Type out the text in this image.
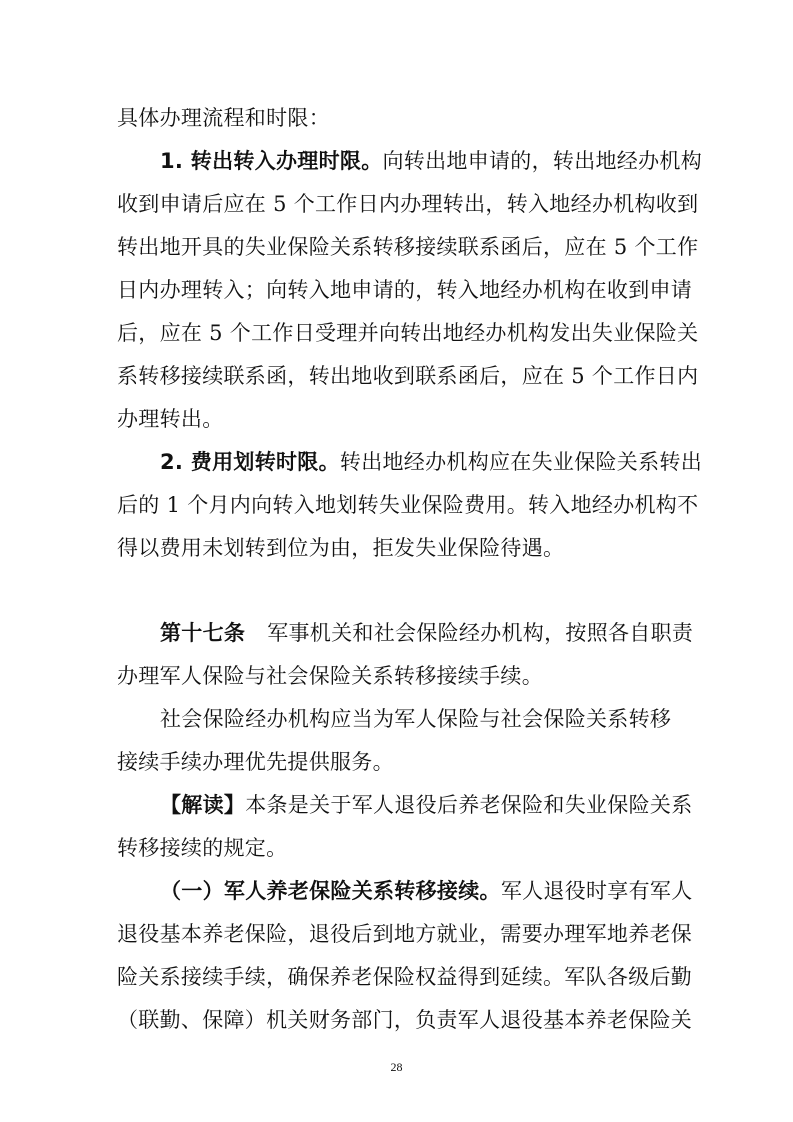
具体办理流程和时限：
1. 转出转入办理时限。向转出地申请的，转出地经办机构
收到申请后应在 5 个工作日内办理转出，转入地经办机构收到
转出地开具的失业保险关系转移接续联系函后，应在 5 个工作
日内办理转入；向转入地申请的，转入地经办机构在收到申请
后，应在 5 个工作日受理并向转出地经办机构发出失业保险关
系转移接续联系函，转出地收到联系函后，应在 5 个工作日内
办理转出。
2. 费用划转时限。转出地经办机构应在失业保险关系转出
后的 1 个月内向转入地划转失业保险费用。转入地经办机构不
得以费用未划转到位为由，拒发失业保险待遇。
第十七条 军事机关和社会保险经办机构，按照各自职责
办理军人保险与社会保险关系转移接续手续。
社会保险经办机构应当为军人保险与社会保险关系转移
接续手续办理优先提供服务。
【解读】本条是关于军人退役后养老保险和失业保险关系
转移接续的规定。
（一）军人养老保险关系转移接续。军人退役时享有军人
退役基本养老保险，退役后到地方就业，需要办理军地养老保
险关系接续手续，确保养老保险权益得到延续。军队各级后勤
（联勤、保障）机关财务部门，负责军人退役基本养老保险关
28
